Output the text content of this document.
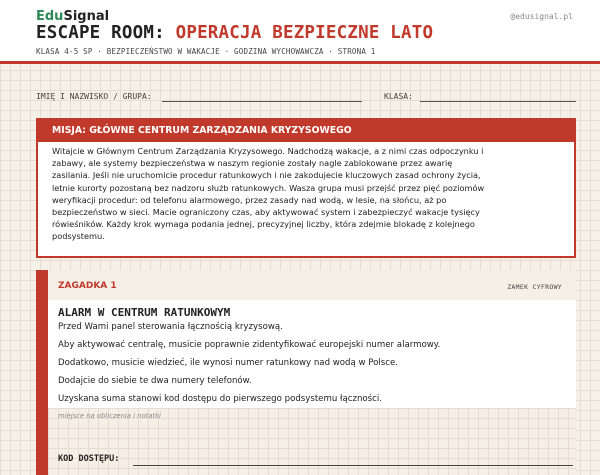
EduSignal	@edusignal.pl
ESCAPE ROOM: OPERACJA BEZPIECZNE LATO
KLASA 4-5 SP · BEZPIECZEŃSTWO W WAKACJE · GODZINA WYCHOWAWCZA · STRONA 1
IMIĘ I NAZWISKO / GRUPA:	KLASA:
MISJA: GŁÓWNE CENTRUM ZARZĄDZANIA KRYZYSOWEGO
Witajcie w Głównym Centrum Zarządzania Kryzysowego. Nadchodzą wakacje, a z nimi czas odpoczynku i
zabawy, ale systemy bezpieczeństwa w naszym regionie zostały nagle zablokowane przez awarię
zasilania. Jeśli nie uruchomicie procedur ratunkowych i nie zakodujecie kluczowych zasad ochrony życia,
letnie kurorty pozostaną bez nadzoru służb ratunkowych. Wasza grupa musi przejść przez pięć poziomów
weryfikacji procedur: od telefonu alarmowego, przez zasady nad wodą, w lesie, na słońcu, aż po
bezpieczeństwo w sieci. Macie ograniczony czas, aby aktywować system i zabezpieczyć wakacje tysięcy
rówieśników. Każdy krok wymaga podania jednej, precyzyjnej liczby, która zdejmie blokadę z kolejnego
podsystemu.
ZAGADKA 1	ZAMEK CYFROWY
ALARM W CENTRUM RATUNKOWYM
Przed Wami panel sterowania łącznością kryzysową.
Aby aktywować centralę, musicie poprawnie zidentyfikować europejski numer alarmowy.
Dodatkowo, musicie wiedzieć, ile wynosi numer ratunkowy nad wodą w Polsce.
Dodajcie do siebie te dwa numery telefonów.
Uzyskana suma stanowi kod dostępu do pierwszego podsystemu łączności.
miejsce na obliczenia i notatki
KOD DOSTĘPU:
